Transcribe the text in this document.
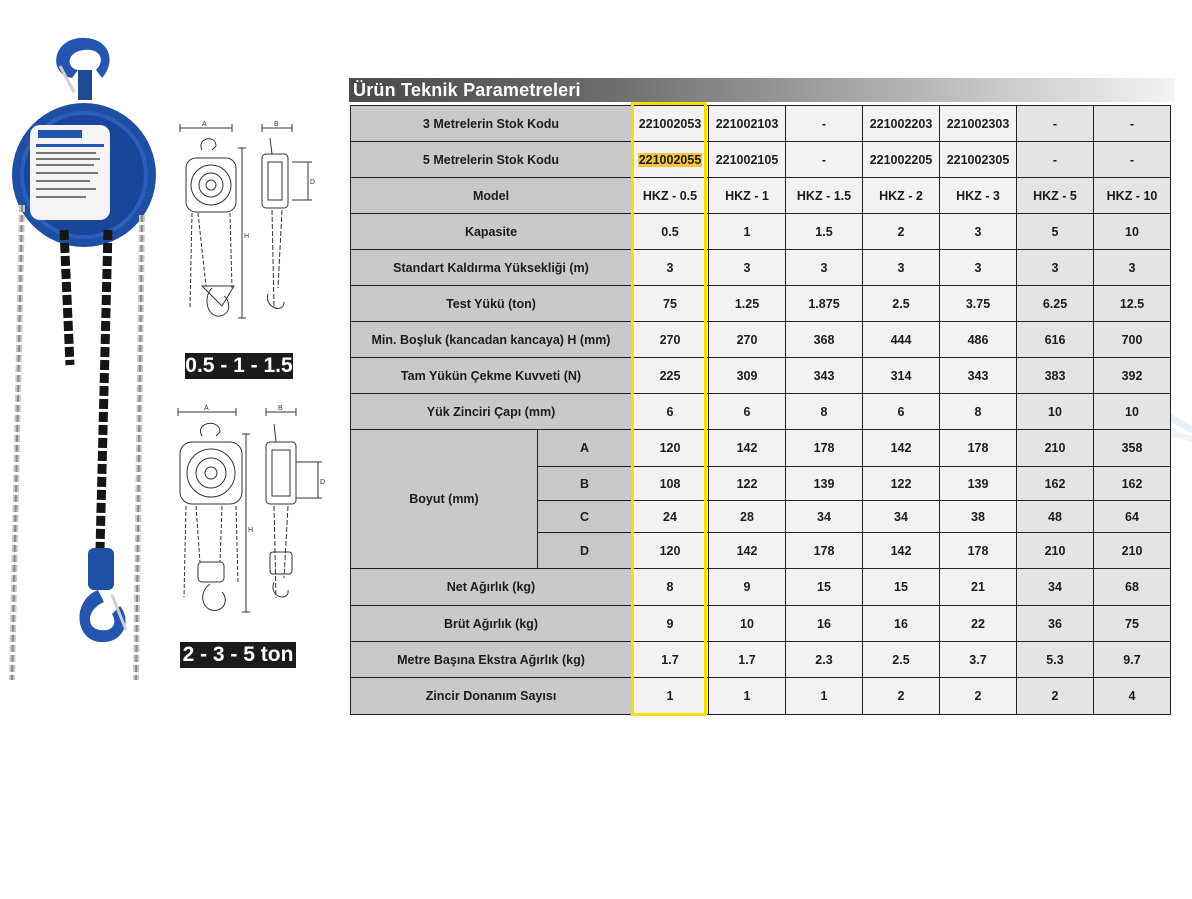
A	B
H
D
0.5 - 1 - 1.5
A	B
H
D
2 - 3 - 5 ton
Ürün Teknik Parametreleri
3 Metrelerin Stok Kodu		221002053	221002103	-	221002203	221002303	-	-
5 Metrelerin Stok Kodu		221002055	221002105	-	221002205	221002305	-	-
Model		HKZ - 0.5	HKZ - 1	HKZ - 1.5	HKZ - 2	HKZ - 3	HKZ - 5	HKZ - 10
Kapasite		0.5	1	1.5	2	3	5	10
Standart Kaldırma Yüksekliği (m)		3	3	3	3	3	3	3
Test Yükü (ton)		75	1.25	1.875	2.5	3.75	6.25	12.5
Min. Boşluk (kancadan kancaya) H (mm)		270	270	368	444	486	616	700
Tam Yükün Çekme Kuvveti (N)		225	309	343	314	343	383	392
Yük Zinciri Çapı (mm)		6	6	8	6	8	10	10
Boyut (mm)	A	120	142	178	142	178	210	358
	B	108	122	139	122	139	162	162
	C	24	28	34	34	38	48	64
	D	120	142	178	142	178	210	210
Net Ağırlık (kg)		8	9	15	15	21	34	68
Brüt Ağırlık (kg)		9	10	16	16	22	36	75
Metre Başına Ekstra Ağırlık (kg)		1.7	1.7	2.3	2.5	3.7	5.3	9.7
Zincir Donanım Sayısı		1	1	1	2	2	2	4
